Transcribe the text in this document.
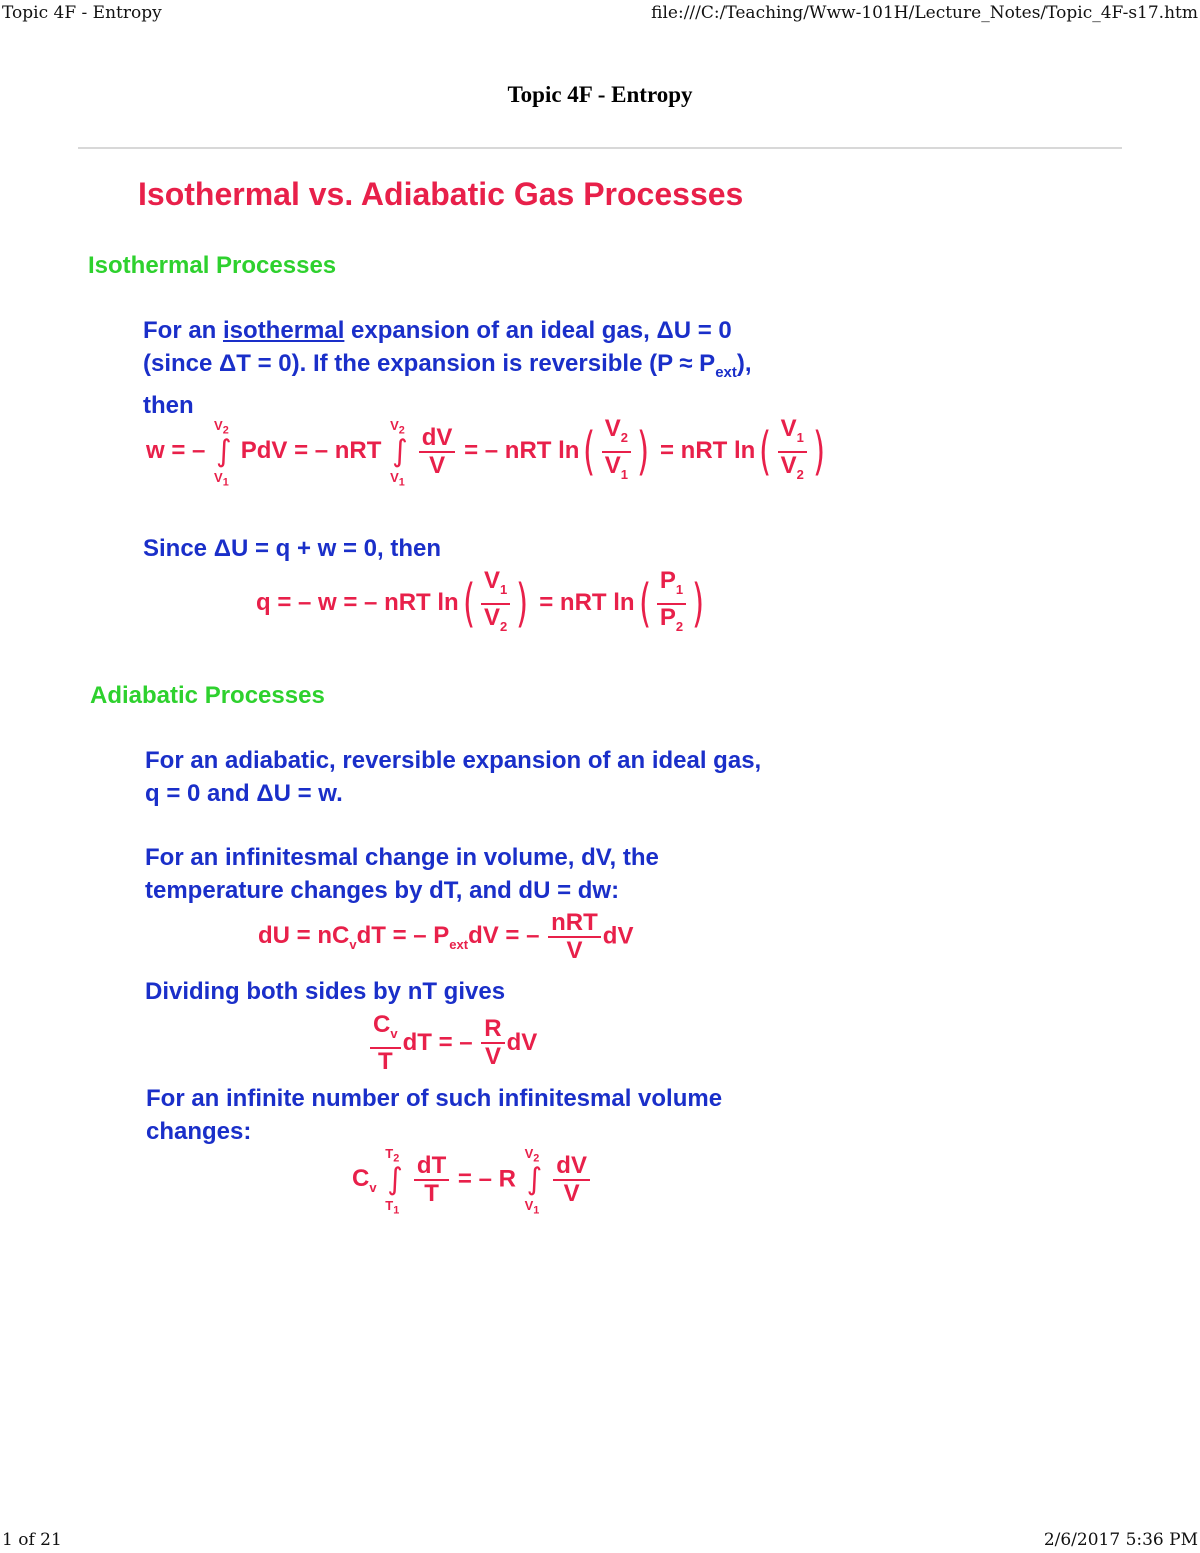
Topic 4F - Entropy	file:///C:/Teaching/Www-101H/Lecture_Notes/Topic_4F-s17.htm
Topic 4F - Entropy
Isothermal vs. Adiabatic Gas Processes
Isothermal Processes
For an isothermal expansion of an ideal gas, ΔU = 0
(since ΔT = 0). If the expansion is reversible $(P \approx P_{ext})$,
then
w = –
$V_2$
∫
$V_1$
PdV = – nRT
$V_2$
∫
$V_1$

$\frac{dV}{V}$ = – nRT $\ln( \frac{V_2}{V_1}$ ) = nRT $\ln( \frac{V_1}{V_2}$ )
Since ΔU = q + w = 0, then
q = – w = – nRT $\ln( \frac{V_1}{V_2}$ ) = nRT $\ln( \frac{P_1}{P_2}$ )
Adiabatic Processes
For an adiabatic, reversible expansion of an ideal gas,
q = 0 and ΔU = w.
For an infinitesmal change in volume, dV, the
temperature changes by dT, and dU = dw:
dU = $nC_vdT$ = – $P_{ext}dV$ = – $\frac{\text{nRT}}{V}$ dV
Dividing both sides by nT gives
$\frac{C_v}{T}$ dT = – $\frac{R}{V}$ dV
For an infinite number of such infinitesmal volume
changes:
$C_v$
$T_2$
∫
$T_1$

$\frac{dT}{T}$ = – R
$V_2$
∫
$V_1$

$\frac{dV}{V}$
1 of 21	2/6/2017 5:36 PM
